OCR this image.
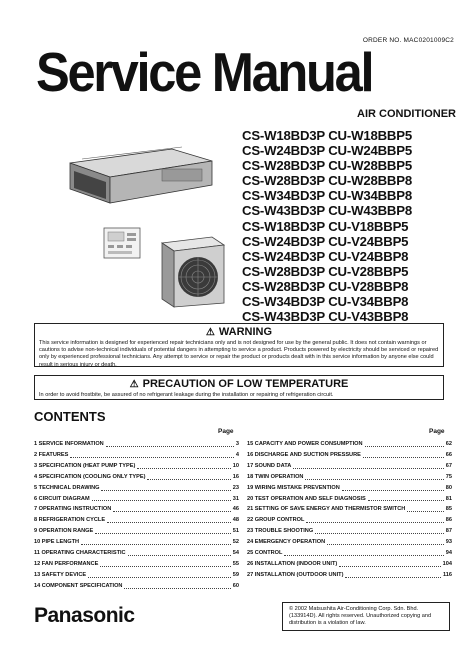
ORDER NO. MAC0201009C2
Service Manual
AIR CONDITIONER
CS-W18BD3P CU-W18BBP5
CS-W24BD3P CU-W24BBP5
CS-W28BD3P CU-W28BBP5
CS-W28BD3P CU-W28BBP8
CS-W34BD3P CU-W34BBP8
CS-W43BD3P CU-W43BBP8
CS-W18BD3P CU-V18BBP5
CS-W24BD3P CU-V24BBP5
CS-W24BD3P CU-V24BBP8
CS-W28BD3P CU-V28BBP5
CS-W28BD3P CU-V28BBP8
CS-W34BD3P CU-V34BBP8
CS-W43BD3P CU-V43BBP8
⚠ WARNING
This service information is designed for experienced repair technicians only and is not designed for use by the general public. It does not contain warnings or cautions to advise non-technical individuals of potential dangers in attempting to service a product. Products powered by electricity should be serviced or repaired only by experienced professional technicians. Any attempt to service or repair the product or products dealt with in this service information by anyone else could result in serious injury or death.
⚠ PRECAUTION OF LOW TEMPERATURE
In order to avoid frostbite, be assured of no refrigerant leakage during the installation or repairing of refrigeration circuit.
CONTENTS
Page	Page
1 SERVICE INFORMATION	3
2 FEATURES	4
3 SPECIFICATION (HEAT PUMP TYPE)	10
4 SPECIFICATION (COOLING ONLY TYPE)	16
5 TECHNICAL DRAWING	23
6 CIRCUIT DIAGRAM	31
7 OPERATING INSTRUCTION	46
8 REFRIGERATION CYCLE	48
9 OPERATION RANGE	51
10 PIPE LENGTH	52
11 OPERATING CHARACTERISTIC	54
12 FAN PERFORMANCE	55
13 SAFETY DEVICE	59
14 COMPONENT SPECIFICATION	60
15 CAPACITY AND POWER CONSUMPTION	62
16 DISCHARGE AND SUCTION PRESSURE	66
17 SOUND DATA	67
18 TWIN OPERATION	75
19 WIRING MISTAKE PREVENTION	80
20 TEST OPERATION AND SELF DIAGNOSIS	81
21 SETTING OF SAVE ENERGY AND THERMISTOR SWITCH	85
22 GROUP CONTROL	86
23 TROUBLE SHOOTING	87
24 EMERGENCY OPERATION	93
25 CONTROL	94
26 INSTALLATION (INDOOR UNIT)	104
27 INSTALLATION (OUTDOOR UNIT)	116
Panasonic	© 2002 Matsushita Air-Conditioning Corp. Sdn. Bhd. (133914D). All rights reserved. Unauthorized copying and distribution is a violation of law.
